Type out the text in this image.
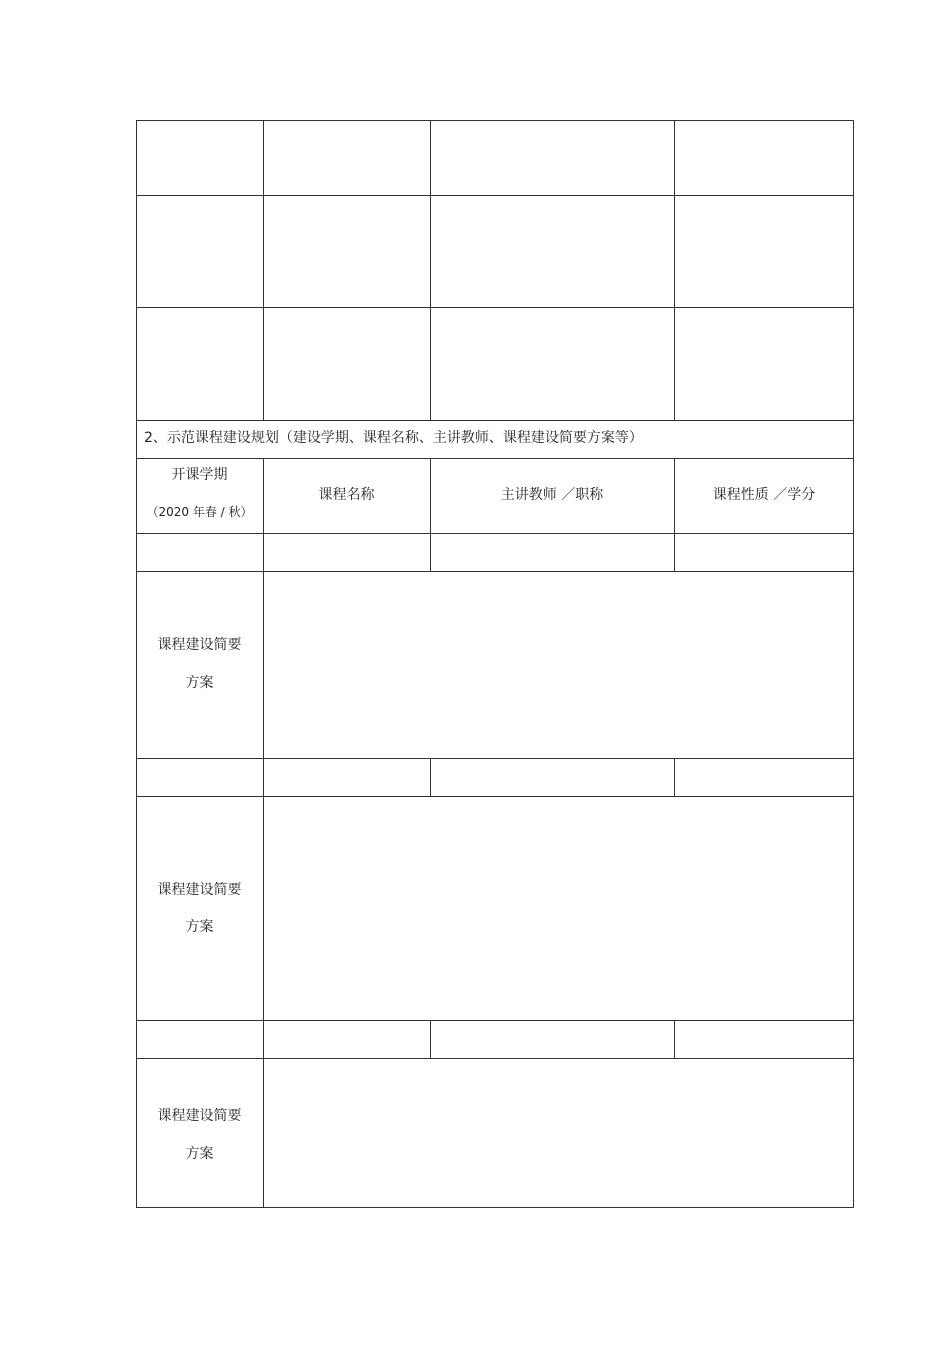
2、示范课程建设规划（建设学期、课程名称、主讲教师、课程建设简要方案等）
开课学期
（2020 年春 / 秋）
课程名称	主讲教师 ／职称	课程性质 ／学分
课程建设简要
方案
课程建设简要
方案
课程建设简要
方案
